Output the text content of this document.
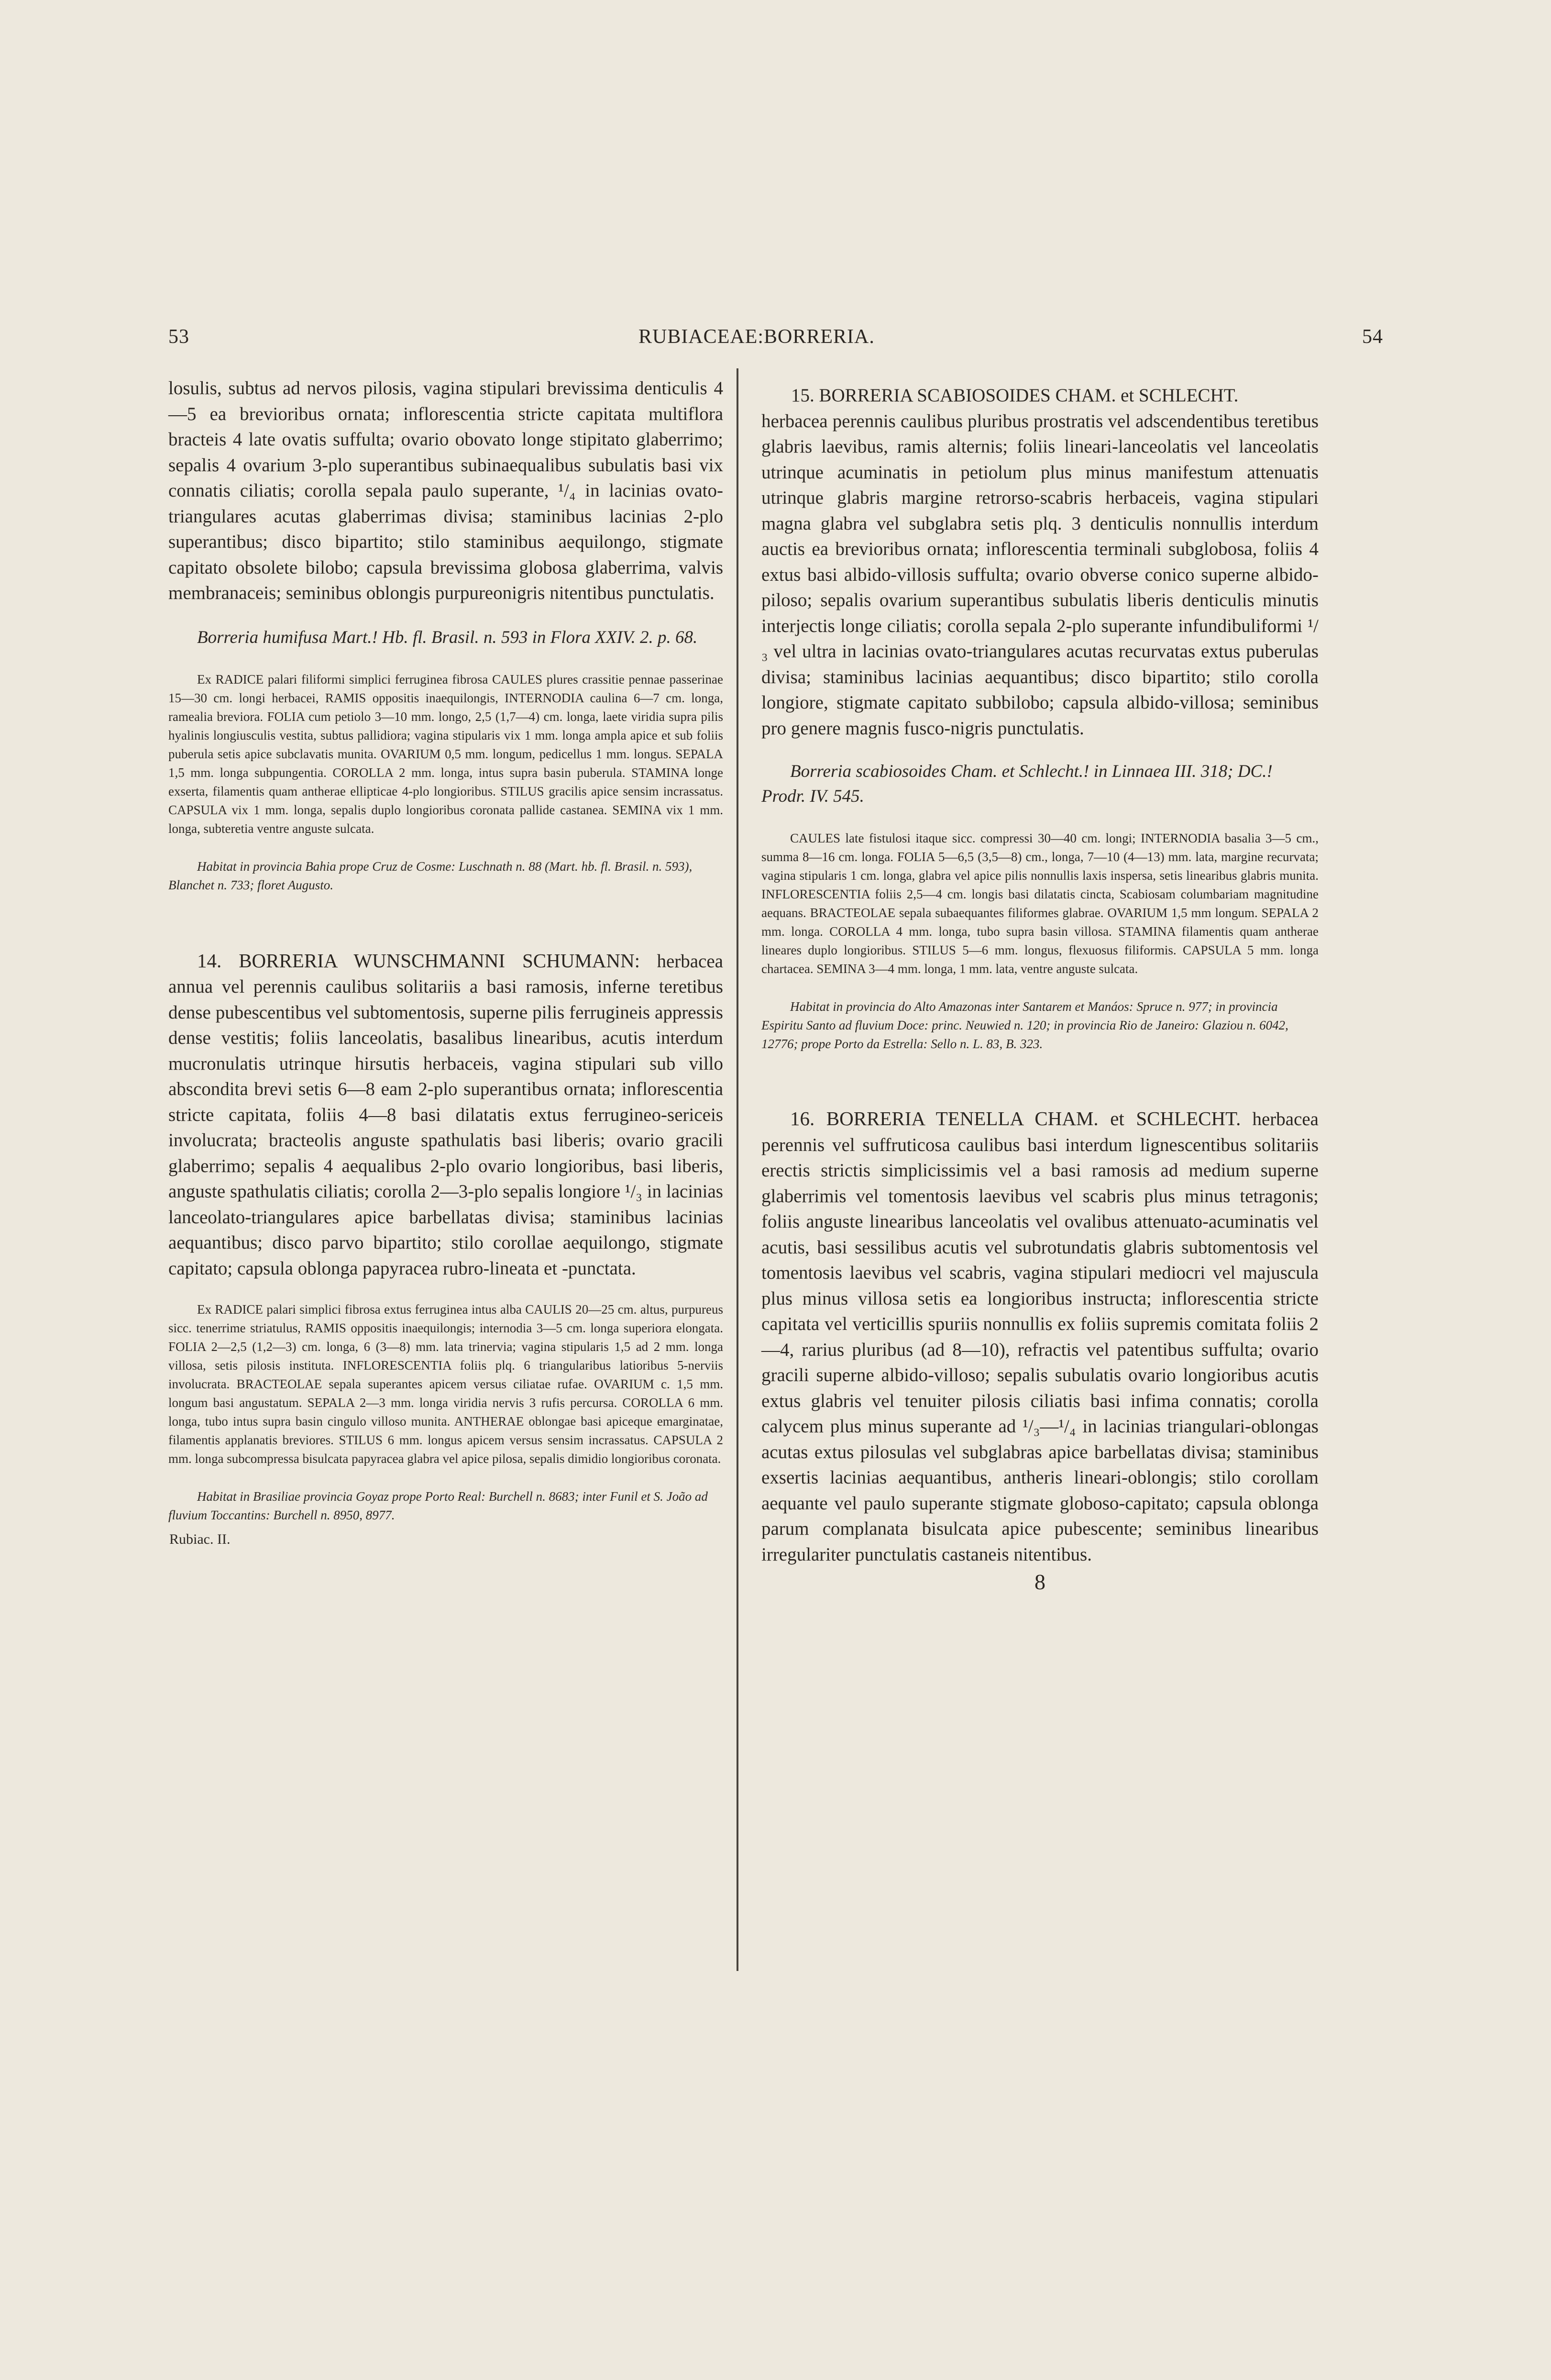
53	RUBIACEAE: BORRERIA.	54

losulis, subtus ad nervos pilosis, vagina stipulari brevissima denticulis 4—5 ea brevioribus ornata; inflorescentia stricte capitata multiflora bracteis 4 late ovatis suffulta; ovario obovato longe stipitato glaberrimo; sepalis 4 ovarium 3-plo superantibus subinaequalibus subulatis basi vix connatis ciliatis; corolla sepala paulo superante, ¹/₄ in lacinias ovato-triangulares acutas glaberrimas divisa; staminibus lacinias 2-plo superantibus; disco bipartito; stilo staminibus aequilongo, stigmate capitato obsolete bilobo; capsula brevissima globosa glaberrima, valvis membranaceis; seminibus oblongis purpureonigris nitentibus punctulatis.

Borreria humifusa Mart.! Hb. fl. Brasil. n. 593 in Flora XXIV. 2. p. 68.

Ex RADICE palari filiformi simplici ferruginea fibrosa CAULES plures crassitie pennae passerinae 15—30 cm. longi herbacei, RAMIS oppositis inaequilongis, INTERNODIA caulina 6—7 cm. longa, ramealia breviora. FOLIA cum petiolo 3—10 mm. longo, 2,5 (1,7—4) cm. longa, laete viridia supra pilis hyalinis longiusculis vestita, subtus pallidiora; vagina stipularis vix 1 mm. longa ampla apice et sub foliis puberula setis apice subclavatis munita. OVARIUM 0,5 mm. longum, pedicellus 1 mm. longus. SEPALA 1,5 mm. longa subpungentia. COROLLA 2 mm. longa, intus supra basin puberula. STAMINA longe exserta, filamentis quam antherae ellipticae 4-plo longioribus. STILUS gracilis apice sensim incrassatus. CAPSULA vix 1 mm. longa, sepalis duplo longioribus coronata pallide castanea. SEMINA vix 1 mm. longa, subteretia ventre anguste sulcata.

Habitat in provincia Bahia prope Cruz de Cosme: Luschnath n. 88 (Mart. hb. fl. Brasil. n. 593), Blanchet n. 733; floret Augusto.

14. BORRERIA WUNSCHMANNI SCHUMANN: herbacea annua vel perennis caulibus solitariis a basi ramosis, inferne teretibus dense pubescentibus vel subtomentosis, superne pilis ferrugineis appressis dense vestitis; foliis lanceolatis, basalibus linearibus, acutis interdum mucronulatis utrinque hirsutis herbaceis, vagina stipulari sub villo abscondita brevi setis 6—8 eam 2-plo superantibus ornata; inflorescentia stricte capitata, foliis 4—8 basi dilatatis extus ferrugineo-sericeis involucrata; bracteolis anguste spathulatis basi liberis; ovario gracili glaberrimo; sepalis 4 aequalibus 2-plo ovario longioribus, basi liberis, anguste spathulatis ciliatis; corolla 2—3-plo sepalis longiore ¹/₃ in lacinias lanceolato-triangulares apice barbellatas divisa; staminibus lacinias aequantibus; disco parvo bipartito; stilo corollae aequilongo, stigmate capitato; capsula oblonga papyracea rubro-lineata et -punctata.

Ex RADICE palari simplici fibrosa extus ferruginea intus alba CAULIS 20—25 cm. altus, purpureus sicc. tenerrime striatulus, RAMIS oppositis inaequilongis; internodia 3—5 cm. longa superiora elongata. FOLIA 2—2,5 (1,2—3) cm. longa, 6 (3—8) mm. lata trinervia; vagina stipularis 1,5 ad 2 mm. longa villosa, setis pilosis instituta. INFLORESCENTIA foliis plq. 6 triangularibus latioribus 5-nerviis involucrata. BRACTEOLAE sepala superantes apicem versus ciliatae rufae. OVARIUM c. 1,5 mm. longum basi angustatum. SEPALA 2—3 mm. longa viridia nervis 3 rufis percursa. COROLLA 6 mm. longa, tubo intus supra basin cingulo villoso munita. ANTHERAE oblongae basi apiceque emarginatae, filamentis applanatis breviores. STILUS 6 mm. longus apicem versus sensim incrassatus. CAPSULA 2 mm. longa subcompressa bisulcata papyracea glabra vel apice pilosa, sepalis dimidio longioribus coronata.

Habitat in Brasiliae provincia Goyaz prope Porto Real: Burchell n. 8683; inter Funil et S. João ad fluvium Toccantins: Burchell n. 8950, 8977.

Rubiac. II.

15. BORRERIA SCABIOSOIDES CHAM. et SCHLECHT.

herbacea perennis caulibus pluribus prostratis vel adscendentibus teretibus glabris laevibus, ramis alternis; foliis lineari-lanceolatis vel lanceolatis utrinque acuminatis in petiolum plus minus manifestum attenuatis utrinque glabris margine retrorso-scabris herbaceis, vagina stipulari magna glabra vel subglabra setis plq. 3 denticulis nonnullis interdum auctis ea brevioribus ornata; inflorescentia terminali subglobosa, foliis 4 extus basi albido-villosis suffulta; ovario obverse conico superne albido-piloso; sepalis ovarium superantibus subulatis liberis denticulis minutis interjectis longe ciliatis; corolla sepala 2-plo superante infundibuliformi ¹/₃ vel ultra in lacinias ovato-triangulares acutas recurvatas extus puberulas divisa; staminibus lacinias aequantibus; disco bipartito; stilo corolla longiore, stigmate capitato subbilobo; capsula albido-villosa; seminibus pro genere magnis fusco-nigris punctulatis.

Borreria scabiosoides Cham. et Schlecht.! in Linnaea III. 318; DC.! Prodr. IV. 545.

CAULES late fistulosi itaque sicc. compressi 30—40 cm. longi; INTERNODIA basalia 3—5 cm., summa 8—16 cm. longa. FOLIA 5—6,5 (3,5—8) cm., longa, 7—10 (4—13) mm. lata, margine recurvata; vagina stipularis 1 cm. longa, glabra vel apice pilis nonnullis laxis inspersa, setis linearibus glabris munita. INFLORESCENTIA foliis 2,5—4 cm. longis basi dilatatis cincta, Scabiosam columbariam magnitudine aequans. BRACTEOLAE sepala subaequantes filiformes glabrae. OVARIUM 1,5 mm longum. SEPALA 2 mm. longa. COROLLA 4 mm. longa, tubo supra basin villosa. STAMINA filamentis quam antherae lineares duplo longioribus. STILUS 5—6 mm. longus, flexuosus filiformis. CAPSULA 5 mm. longa chartacea. SEMINA 3—4 mm. longa, 1 mm. lata, ventre anguste sulcata.

Habitat in provincia do Alto Amazonas inter Santarem et Manáos: Spruce n. 977; in provincia Espiritu Santo ad fluvium Doce: princ. Neuwied n. 120; in provincia Rio de Janeiro: Glaziou n. 6042, 12776; prope Porto da Estrella: Sello n. L. 83, B. 323.

16. BORRERIA TENELLA CHAM. et SCHLECHT. herbacea perennis vel suffruticosa caulibus basi interdum lignescentibus solitariis erectis strictis simplicissimis vel a basi ramosis ad medium superne glaberrimis vel tomentosis laevibus vel scabris plus minus tetragonis; foliis anguste linearibus lanceolatis vel ovalibus attenuato-acuminatis vel acutis, basi sessilibus acutis vel subrotundatis glabris subtomentosis vel tomentosis laevibus vel scabris, vagina stipulari mediocri vel majuscula plus minus villosa setis ea longioribus instructa; inflorescentia stricte capitata vel verticillis spuriis nonnullis ex foliis supremis comitata foliis 2—4, rarius pluribus (ad 8—10), refractis vel patentibus suffulta; ovario gracili superne albido-villoso; sepalis subulatis ovario longioribus acutis extus glabris vel tenuiter pilosis ciliatis basi infima connatis; corolla calycem plus minus superante ad ¹/₃—¹/₄ in lacinias triangulari-oblongas acutas extus pilosulas vel subglabras apice barbellatas divisa; staminibus exsertis lacinias aequantibus, antheris lineari-oblongis; stilo corollam aequante vel paulo superante stigmate globoso-capitato; capsula oblonga parum complanata bisulcata apice pubescente; seminibus linearibus irregulariter punctulatis castaneis nitentibus.

8
